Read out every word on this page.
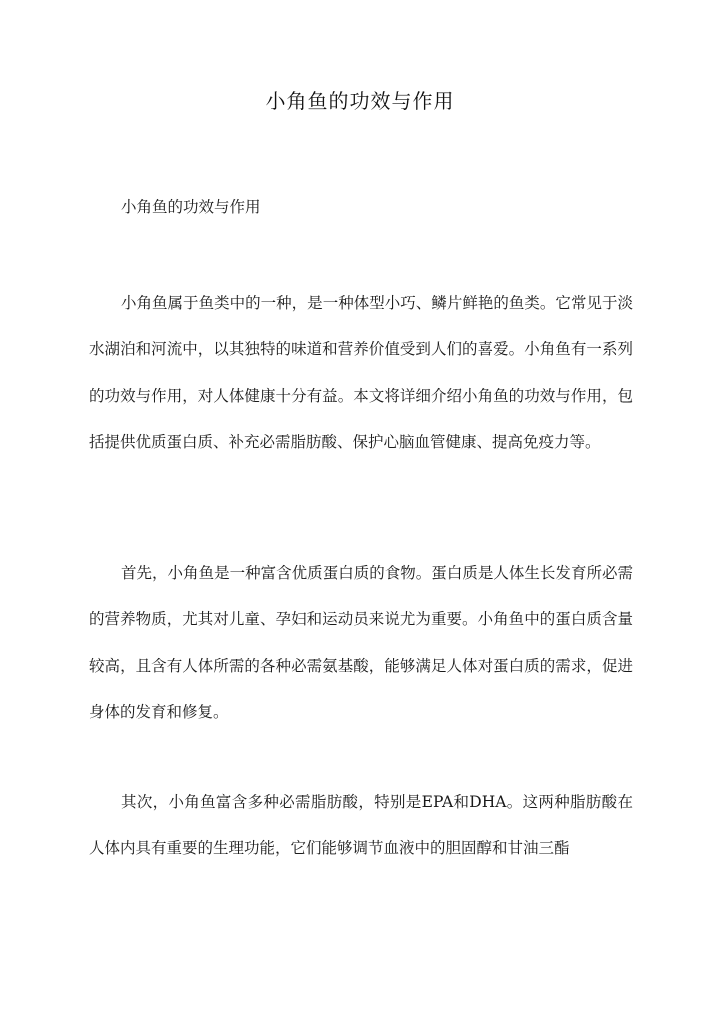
小角鱼的功效与作用
小角鱼的功效与作用

小角鱼属于鱼类中的一种，是一种体型小巧、鳞片鲜艳的鱼类。它常见于淡水湖泊和河流中，以其独特的味道和营养价值受到人们的喜爱。小角鱼有一系列的功效与作用，对人体健康十分有益。本文将详细介绍小角鱼的功效与作用，包括提供优质蛋白质、补充必需脂肪酸、保护心脑血管健康、提高免疫力等。

首先，小角鱼是一种富含优质蛋白质的食物。蛋白质是人体生长发育所必需的营养物质，尤其对儿童、孕妇和运动员来说尤为重要。小角鱼中的蛋白质含量较高，且含有人体所需的各种必需氨基酸，能够满足人体对蛋白质的需求，促进身体的发育和修复。

其次，小角鱼富含多种必需脂肪酸，特别是EPA和DHA。这两种脂肪酸在人体内具有重要的生理功能，它们能够调节血液中的胆固醇和甘油三酯
